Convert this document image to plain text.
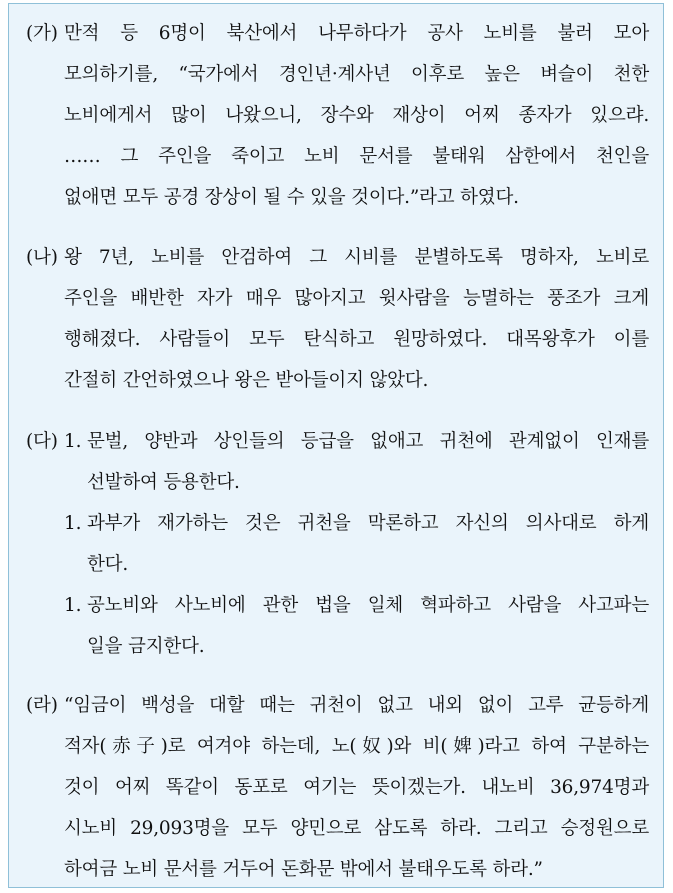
(가) 만적 등 6명이 북산에서 나무하다가 공사 노비를 불러 모아
모의하기를, “국가에서 경인년·계사년 이후로 높은 벼슬이 천한
노비에게서 많이 나왔으니, 장수와 재상이 어찌 종자가 있으랴.
…… 그 주인을 죽이고 노비 문서를 불태워 삼한에서 천인을
없애면 모두 공경 장상이 될 수 있을 것이다.”라고 하였다.
(나) 왕 7년, 노비를 안검하여 그 시비를 분별하도록 명하자, 노비로
주인을 배반한 자가 매우 많아지고 윗사람을 능멸하는 풍조가 크게
행해졌다. 사람들이 모두 탄식하고 원망하였다. 대목왕후가 이를
간절히 간언하였으나 왕은 받아들이지 않았다.
(다) 1. 문벌, 양반과 상인들의 등급을 없애고 귀천에 관계없이 인재를
선발하여 등용한다.
1. 과부가 재가하는 것은 귀천을 막론하고 자신의 의사대로 하게
한다.
1. 공노비와 사노비에 관한 법을 일체 혁파하고 사람을 사고파는
일을 금지한다.
(라) “임금이 백성을 대할 때는 귀천이 없고 내외 없이 고루 균등하게
적자(赤子)로 여겨야 하는데, 노(奴)와 비(婢)라고 하여 구분하는
것이 어찌 똑같이 동포로 여기는 뜻이겠는가. 내노비 36,974명과
시노비 29,093명을 모두 양민으로 삼도록 하라. 그리고 승정원으로
하여금 노비 문서를 거두어 돈화문 밖에서 불태우도록 하라.”
